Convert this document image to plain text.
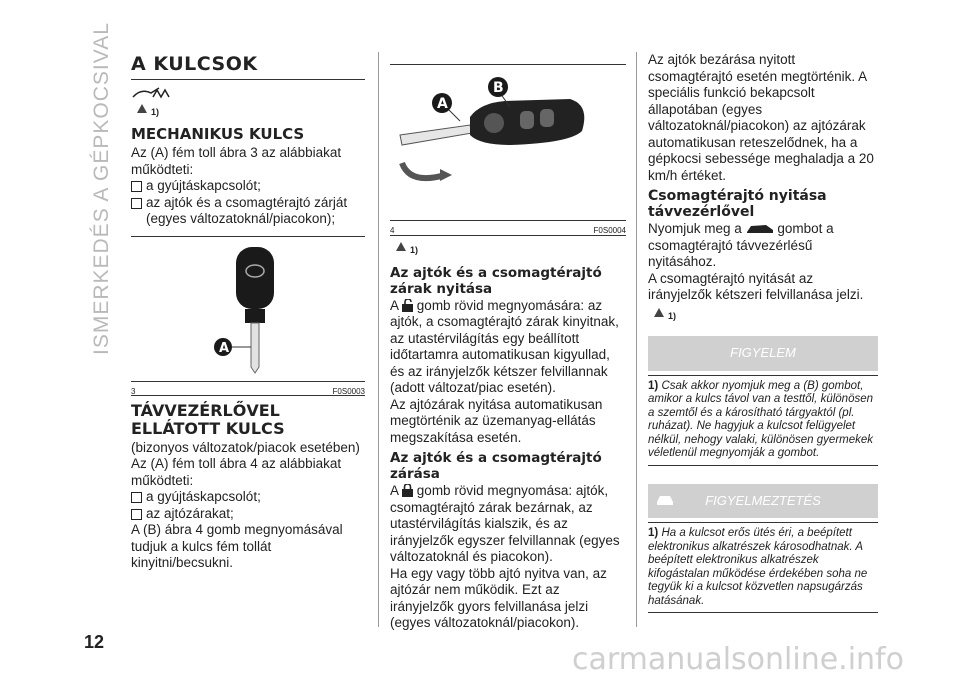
ISMERKEDÉS A GÉPKOCSIVAL
12	carmanualsonline.info
A KULCSOK
1)
MECHANIKUS KULCS

Az (A) fém toll ábra 3 az alábbiakat működteti:

a gyújtáskapcsolót;
az ajtók és a csomagtérajtó zárját (egyes változatoknál/piacokon);
A
3	F0S0003
TÁVVEZÉRLŐVEL ELLÁTOTT KULCS

(bizonyos változatok/piacok esetében)

Az (A) fém toll ábra 4 az alábbiakat működteti:

a gyújtáskapcsolót;
az ajtózárakat;

A (B) ábra 4 gomb megnyomásával tudjuk a kulcs fém tollát kinyitni/becsukni.

A
B
4	F0S0004
1)
Az ajtók és a csomagtérajtó zárak nyitása

A gomb rövid megnyomására: az ajtók, a csomagtérajtó zárak kinyitnak, az utastérvilágítás egy beállított időtartamra automatikusan kigyullad, és az irányjelzők kétszer felvillannak (adott változat/piac esetén).

Az ajtózárak nyitása automatikusan megtörténik az üzemanyag-ellátás megszakítása esetén.

Az ajtók és a csomagtérajtó zárása

A gomb rövid megnyomása: ajtók, csomagtérajtó zárak bezárnak, az utastérvilágítás kialszik, és az irányjelzők egyszer felvillannak (egyes változatoknál és piacokon).

Ha egy vagy több ajtó nyitva van, az ajtózár nem működik. Ezt az irányjelzők gyors felvillanása jelzi (egyes változatoknál/piacokon).

Az ajtók bezárása nyitott csomagtérajtó esetén megtörténik. A speciális funkció bekapcsolt állapotában (egyes változatoknál/piacokon) az ajtózárak automatikusan reteszelődnek, ha a gépkocsi sebessége meghaladja a 20 km/h értéket.

Csomagtérajtó nyitása távvezérlővel

Nyomjuk meg a	gombot a csomagtérajtó távvezérlésű nyitásához.

A csomagtérajtó nyitását az irányjelzők kétszeri felvillanása jelzi.

1)
FIGYELEM
1) Csak akkor nyomjuk meg a (B) gombot, amikor a kulcs távol van a testtől, különösen a szemtől és a károsítható tárgyaktól (pl. ruházat). Ne hagyjuk a kulcsot felügyelet nélkül, nehogy valaki, különösen gyermekek véletlenül megnyomják a gombot.
FIGYELMEZTETÉS
1) Ha a kulcsot erős ütés éri, a beépített elektronikus alkatrészek károsodhatnak. A beépített elektronikus alkatrészek kifogástalan működése érdekében soha ne tegyük ki a kulcsot közvetlen napsugárzás hatásának.
